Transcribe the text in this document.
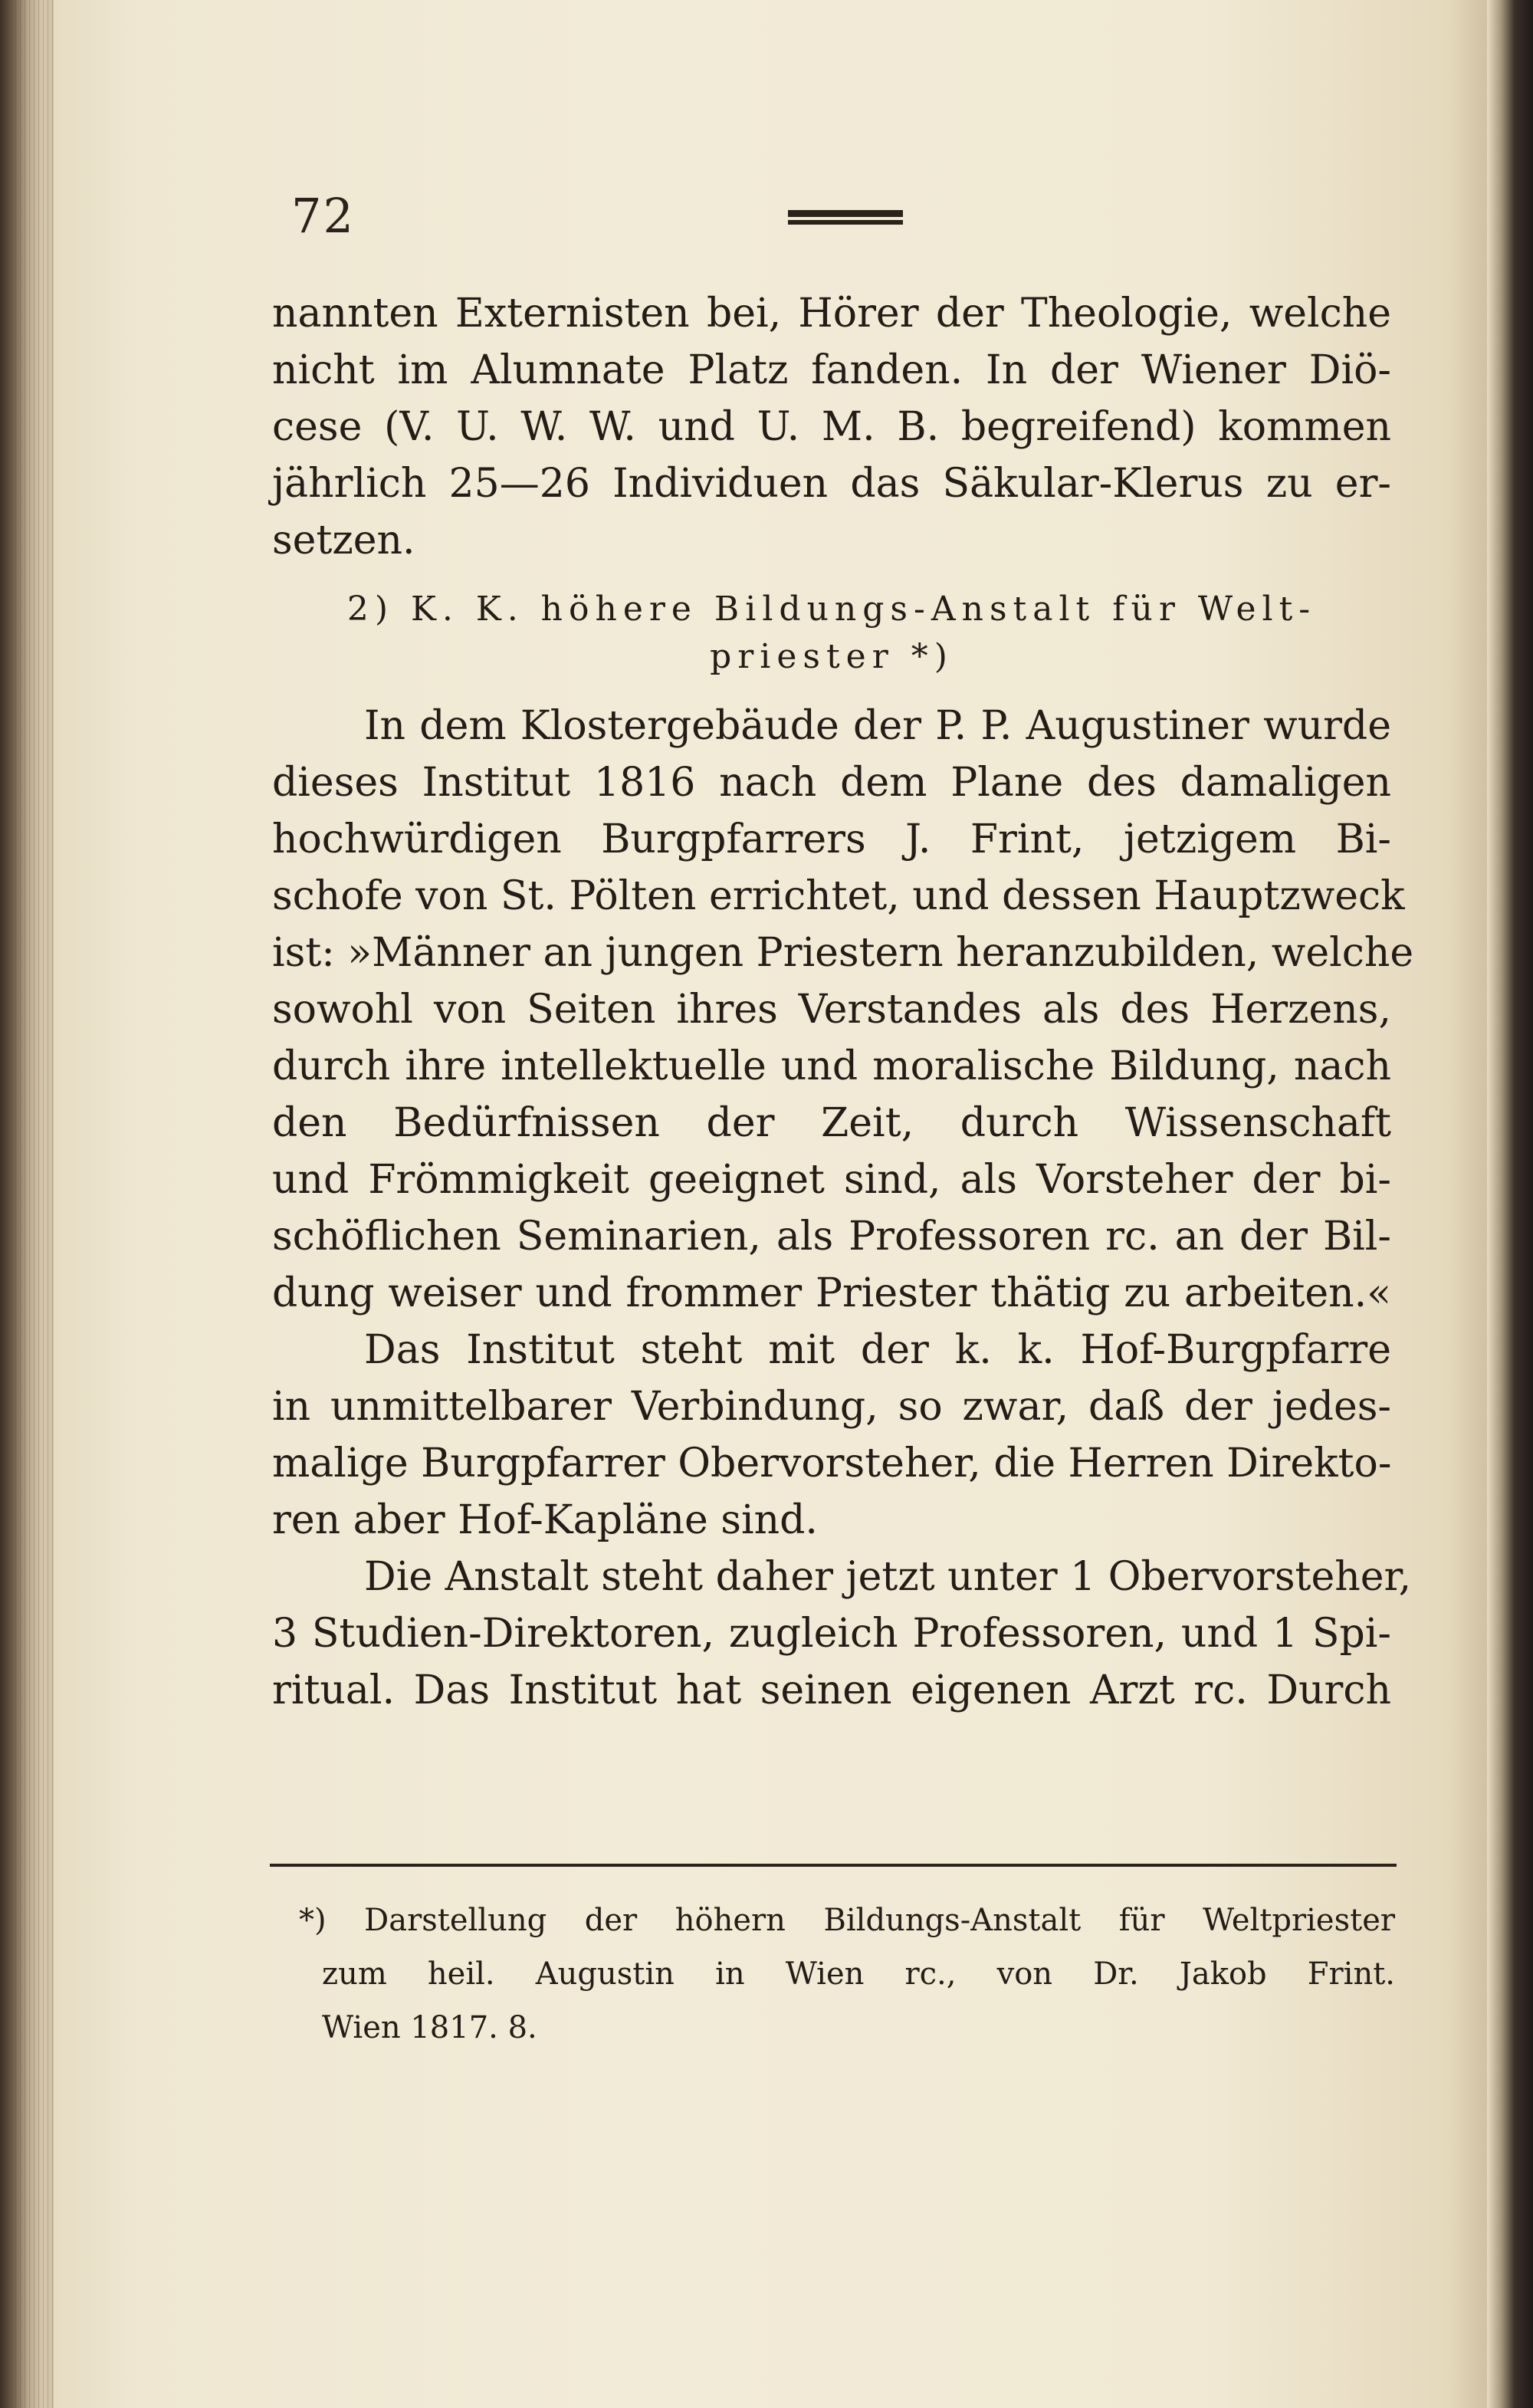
72
nannten Externisten bei, Hörer der Theologie, welche
nicht im Alumnate Platz fanden. In der Wiener Diö-
cese (V. U. W. W. und U. M. B. begreifend) kommen
jährlich 25—26 Individuen das Säkular-Klerus zu er-
setzen.
2) K. K. höhere Bildungs-Anstalt für Welt-
priester *)
In dem Klostergebäude der P. P. Augustiner wurde
dieses Institut 1816 nach dem Plane des damaligen
hochwürdigen Burgpfarrers J. Frint, jetzigem Bi-
schofe von St. Pölten errichtet, und dessen Hauptzweck
ist: »Männer an jungen Priestern heranzubilden, welche
sowohl von Seiten ihres Verstandes als des Herzens,
durch ihre intellektuelle und moralische Bildung, nach
den Bedürfnissen der Zeit, durch Wissenschaft
und Frömmigkeit geeignet sind, als Vorsteher der bi-
schöflichen Seminarien, als Professoren rc. an der Bil-
dung weiser und frommer Priester thätig zu arbeiten.«
Das Institut steht mit der k. k. Hof-Burgpfarre
in unmittelbarer Verbindung, so zwar, daß der jedes-
malige Burgpfarrer Obervorsteher, die Herren Direkto-
ren aber Hof-Kapläne sind.
Die Anstalt steht daher jetzt unter 1 Obervorsteher,
3 Studien-Direktoren, zugleich Professoren, und 1 Spi-
ritual. Das Institut hat seinen eigenen Arzt rc. Durch
*) Darstellung der höhern Bildungs-Anstalt für Weltpriester
zum heil. Augustin in Wien rc., von Dr. Jakob Frint.
Wien 1817. 8.
